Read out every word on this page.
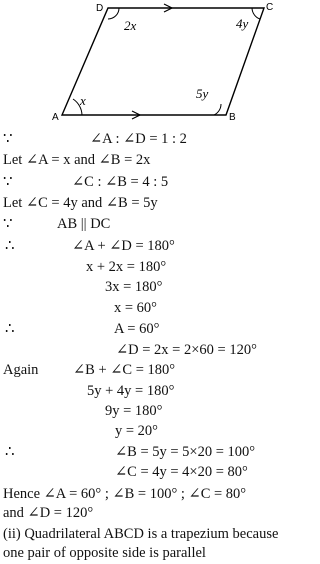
A	B
C
D
x	5y
4y
2x
∵
∵
∵
∴
∴
∴
∠A : ∠D = 1 : 2
Let ∠A = x and ∠B = 2x
∠C : ∠B = 4 : 5
Let ∠C = 4y and ∠B = 5y
AB || DC
∠A + ∠D = 180°
x + 2x = 180°
3x = 180°
x = 60°
A = 60°
∠D = 2x = 2×60 = 120°
Again ∠B + ∠C = 180°
5y + 4y = 180°
9y = 180°
y = 20°
∠B = 5y = 5×20 = 100°
∠C = 4y = 4×20 = 80°
Hence ∠A = 60° ; ∠B = 100° ; ∠C = 80°
and ∠D = 120°
(ii) Quadrilateral ABCD is a trapezium because
one pair of opposite side is parallel
